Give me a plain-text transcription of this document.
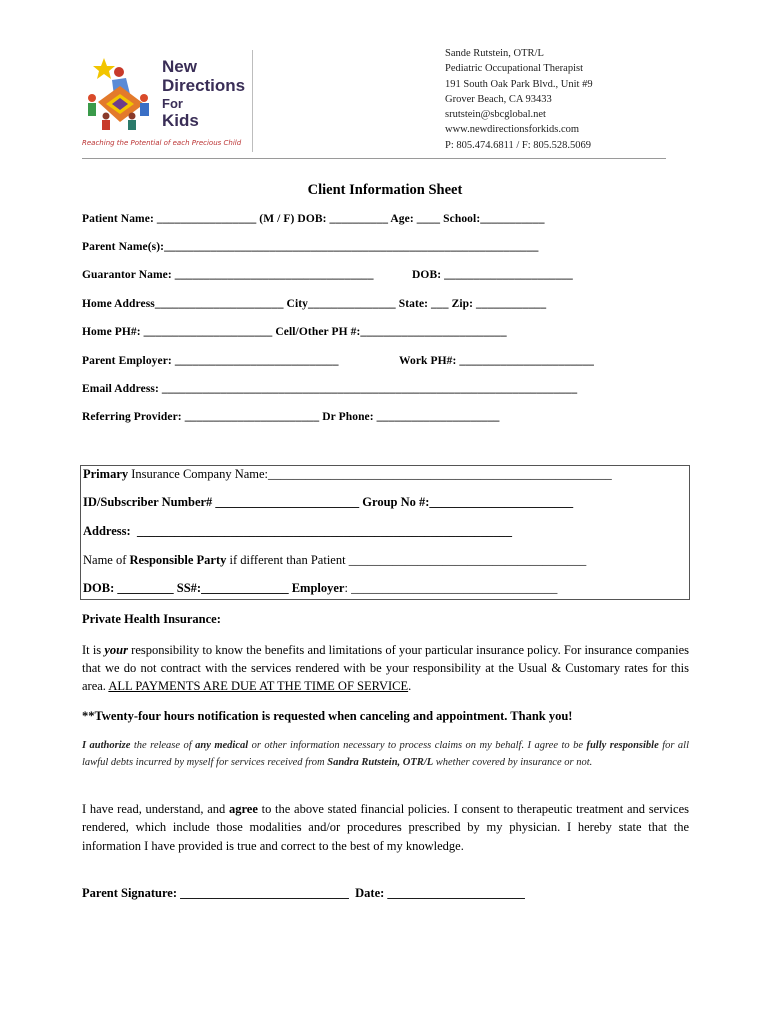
New
Directions
For
Kids
Reaching the Potential of each Precious Child
Sande Rutstein, OTR/L
Pediatric Occupational Therapist
191 South Oak Park Blvd., Unit #9
Grover Beach, CA 93433
srutstein@sbcglobal.net
www.newdirectionsforkids.com
P: 805.474.6811 / F: 805.528.5069
Client Information Sheet
Patient Name: _________________ (M / F) DOB: __________ Age: ____ School:___________
Parent Name(s):________________________________________________________________
Guarantor Name: __________________________________	DOB: ______________________
Home Address______________________ City_______________ State: ___ Zip: ____________
Home PH#: ______________________ Cell/Other PH #:_________________________
Parent Employer: ____________________________	Work PH#: _______________________
Email Address: _______________________________________________________________________
Referring Provider: _______________________ Dr Phone: _____________________
Primary Insurance Company Name:_______________________________________________________
ID/Subscriber Number# _______________________ Group No #:_______________________
Address:  ____________________________________________________________
Name of Responsible Party if different than Patient ______________________________________
DOB: _________ SS#:______________ Employer: _________________________________
Private Health Insurance:
It is your responsibility to know the benefits and limitations of your particular insurance policy. For insurance companies that we do not contract with the services rendered with be your responsibility at the Usual & Customary rates for this area. ALL PAYMENTS ARE DUE AT THE TIME OF SERVICE.
**Twenty-four hours notification is requested when canceling and appointment. Thank you!
I authorize the release of any medical or other information necessary to process claims on my behalf. I agree to be fully responsible for all lawful debts incurred by myself for services received from Sandra Rutstein, OTR/L whether covered by insurance or not.
I have read, understand, and agree to the above stated financial policies. I consent to therapeutic treatment and services rendered, which include those modalities and/or procedures prescribed by my physician. I hereby state that the information I have provided is true and correct to the best of my knowledge.
Parent Signature: ___________________________  Date: ______________________
